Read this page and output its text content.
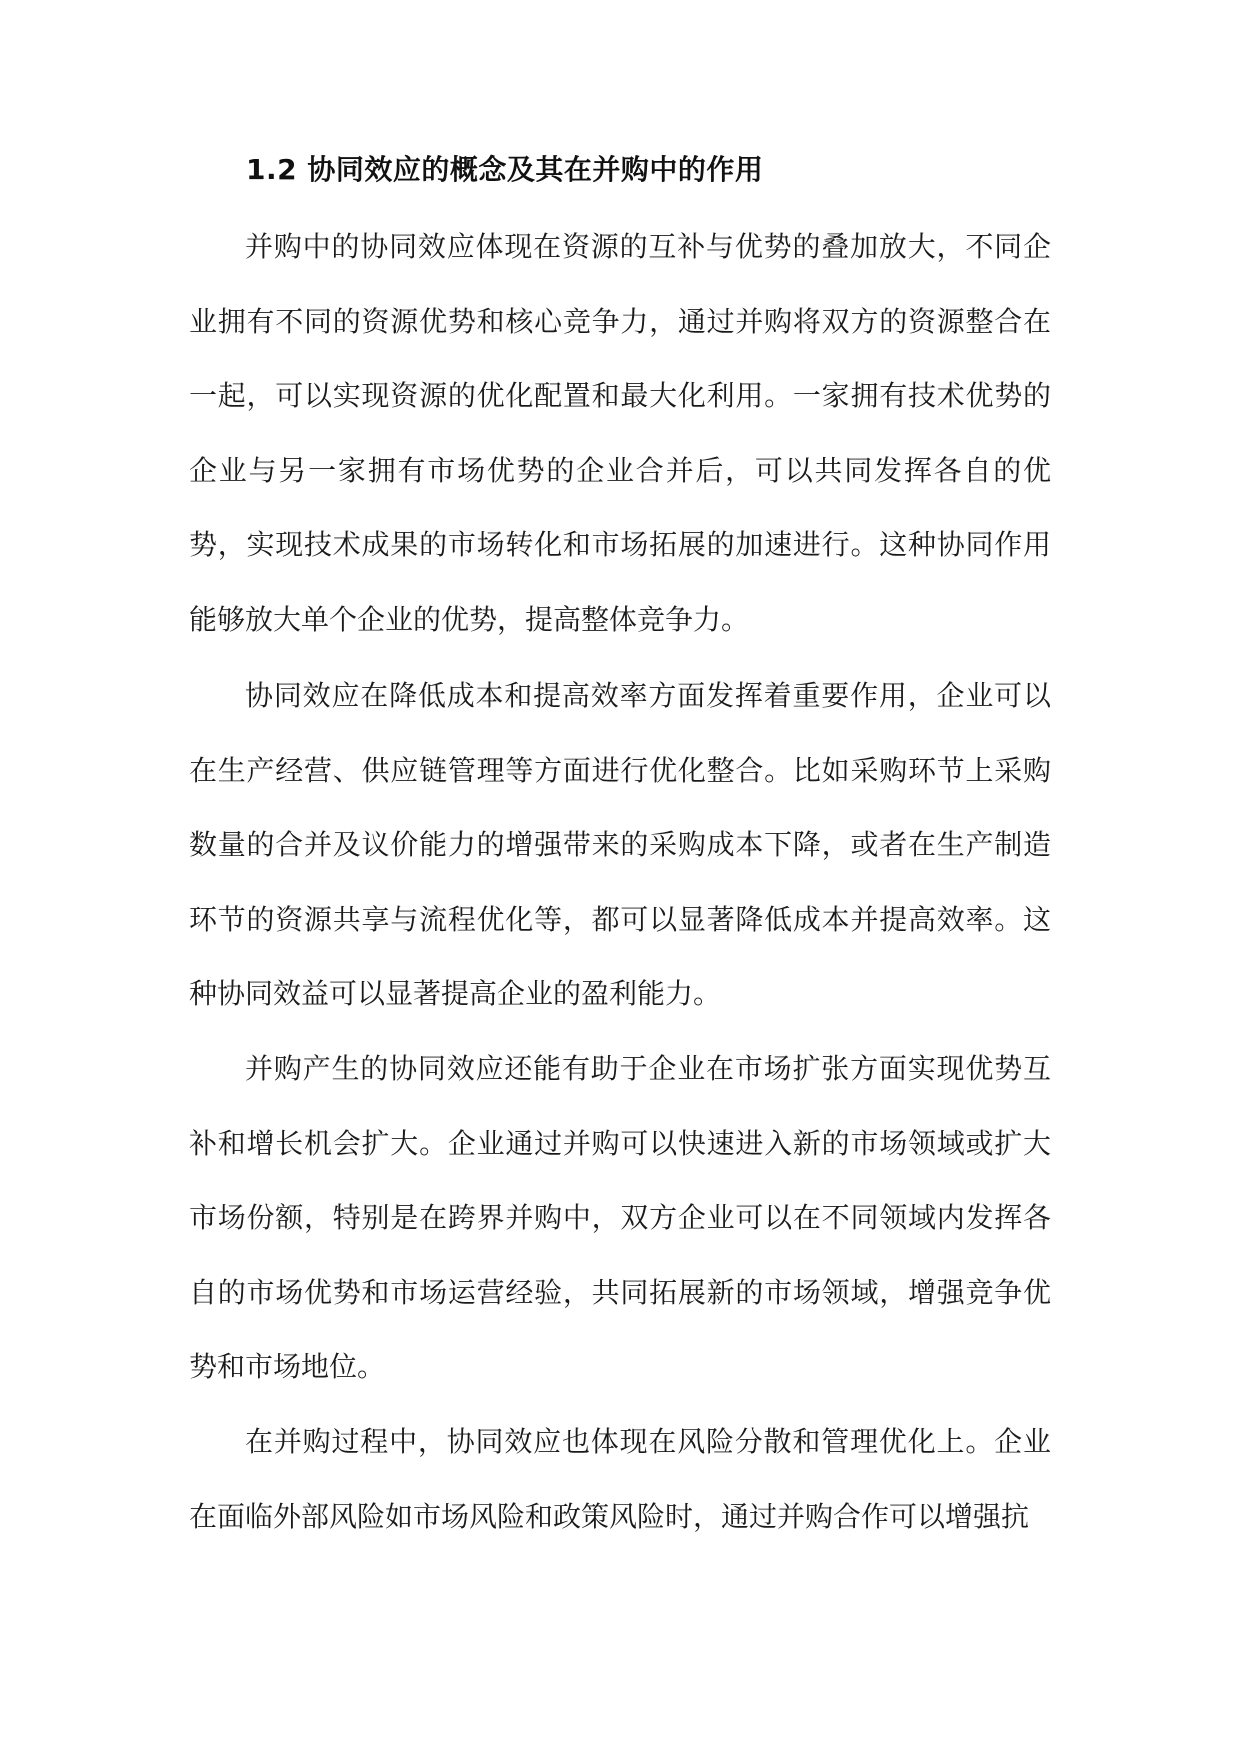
1.2 协同效应的概念及其在并购中的作用

并购中的协同效应体现在资源的互补与优势的叠加放大，不同企业拥有不同的资源优势和核心竞争力，通过并购将双方的资源整合在一起，可以实现资源的优化配置和最大化利用。一家拥有技术优势的企业与另一家拥有市场优势的企业合并后，可以共同发挥各自的优势，实现技术成果的市场转化和市场拓展的加速进行。这种协同作用能够放大单个企业的优势，提高整体竞争力。

协同效应在降低成本和提高效率方面发挥着重要作用，企业可以在生产经营、供应链管理等方面进行优化整合。比如采购环节上采购数量的合并及议价能力的增强带来的采购成本下降，或者在生产制造环节的资源共享与流程优化等，都可以显著降低成本并提高效率。这种协同效益可以显著提高企业的盈利能力。

并购产生的协同效应还能有助于企业在市场扩张方面实现优势互补和增长机会扩大。企业通过并购可以快速进入新的市场领域或扩大市场份额，特别是在跨界并购中，双方企业可以在不同领域内发挥各自的市场优势和市场运营经验，共同拓展新的市场领域，增强竞争优势和市场地位。

在并购过程中，协同效应也体现在风险分散和管理优化上。企业在面临外部风险如市场风险和政策风险时，通过并购合作可以增强抗
